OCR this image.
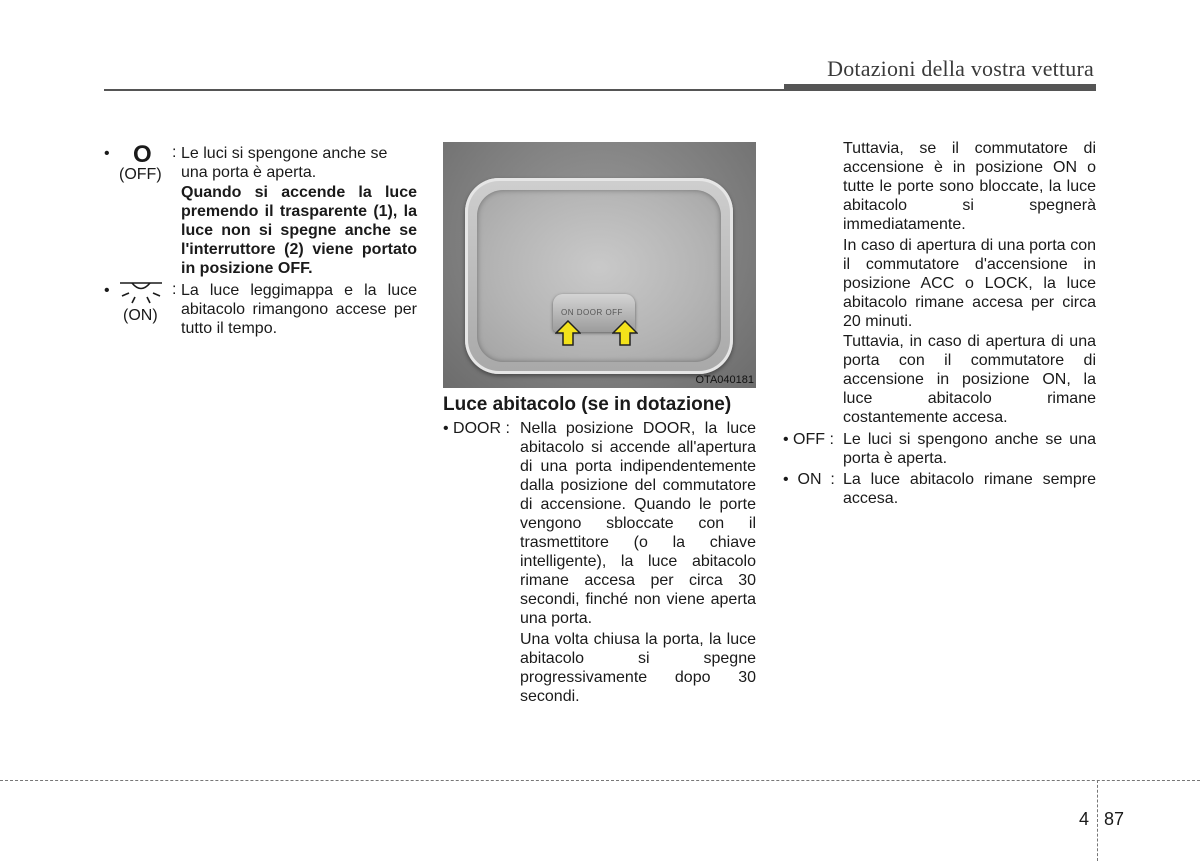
Dotazioni della vostra vettura
• O
(OFF)
: Le luci si spengone anche se
una porta è aperta.
Quando si accende la luce premendo il trasparente (1), la luce non si spegne anche se l'interruttore (2) viene portato in posizione OFF.
•
(ON)
: La luce leggimappa e la luce abitacolo rimangono accese per tutto il tempo.
ON DOOR OFF
OTA040181
Luce abitacolo (se in dotazione)
• DOOR : Nella posizione DOOR, la luce abitacolo si accende all'apertura di una porta indipendentemente dalla posizione del commutatore di accensione. Quando le porte vengono sbloccate con il trasmettitore (o la chiave intelligente), la luce abitacolo rimane accesa per circa 30 secondi, finché non viene aperta una porta.
Una volta chiusa la porta, la luce abitacolo si spegne progressivamente dopo 30 secondi.
Tuttavia, se il commutatore di accensione è in posizione ON o tutte le porte sono bloccate, la luce abitacolo si spegnerà immediatamente.
In caso di apertura di una porta con il commutatore d'accensione in posizione ACC o LOCK, la luce abitacolo rimane accesa per circa 20 minuti.
Tuttavia, in caso di apertura di una porta con il commutatore di accensione in posizione ON, la luce abitacolo rimane costantemente accesa.
• OFF : Le luci si spengono anche se una porta è aperta.
•  ON  : La luce abitacolo rimane sempre accesa.
4 87
